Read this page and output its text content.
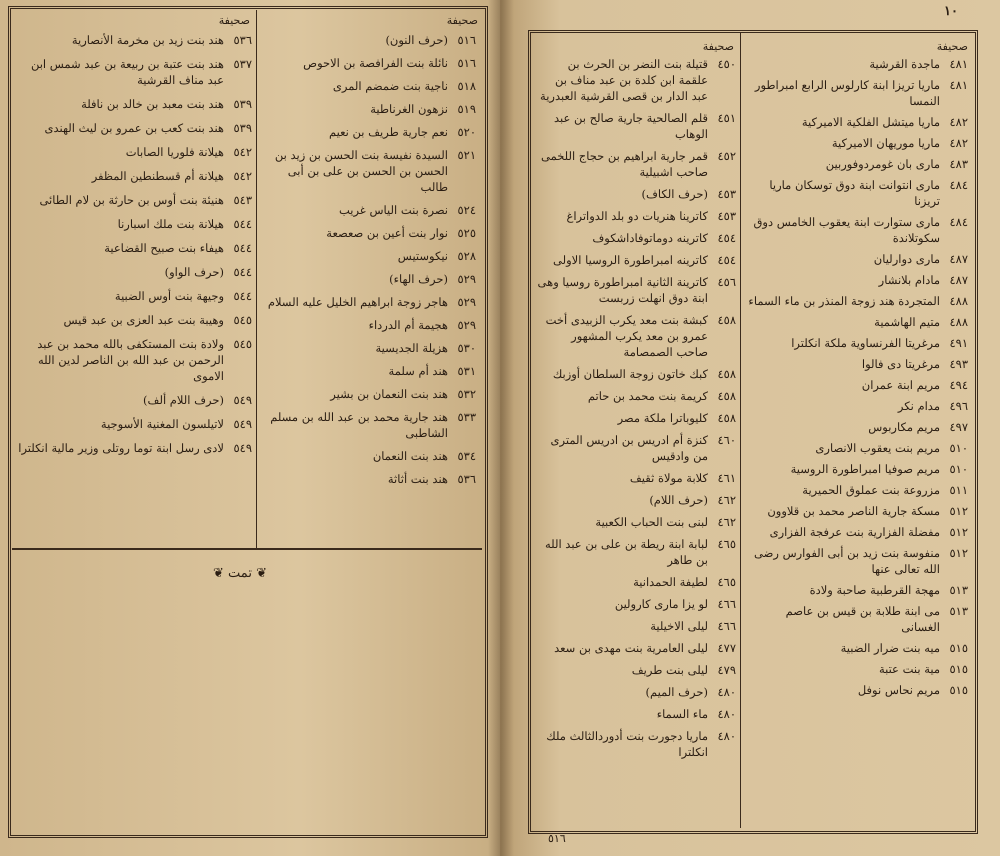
صحيفة	صحيفة
٥٣٦
هند بنت زيد بن مخرمة الأنصارية
٥٣٧
هند بنت عتبة بن ربيعة بن عبد شمس ابن عبد مناف القرشية
٥٣٩
هند بنت معبد بن خالد بن نافلة
٥٣٩
هند بنت كعب بن عمرو بن ليث الهندى
٥٤٢
هيلانة فلوريا الصابات
٥٤٢
هيلانة أم قسطنطين المظفر
٥٤٣
هنيئة بنت أوس بن حارثة بن لام الطائى
٥٤٤
هيلانة بنت ملك اسبارنا
٥٤٤
هيفاء بنت صبيح القضاعية
٥٤٤
(حرف الواو)
٥٤٤
وجيهة بنت أوس الضبية
٥٤٥
وهيبة بنت عبد العزى بن عبد قيس
٥٤٥
ولادة بنت المستكفى بالله محمد بن عبد الرحمن بن عبد الله بن الناصر لدين الله الاموى
٥٤٩
(حرف اللام ألف)
٥٤٩
لاتيلسون المغنية الأسوجية
٥٤٩
لادى رسل ابنة توما روتلى وزير مالية انكلترا
٥١٦
(حرف النون)
٥١٦
نائلة بنت الفرافصة بن الاحوص
٥١٨
ناجية بنت ضمضم المرى
٥١٩
نزهون الغرناطية
٥٢٠
نعم جارية طريف بن نعيم
٥٢١
السيدة نفيسة بنت الحسن بن زيد بن الحسن بن الحسن بن على بن أبى طالب
٥٢٤
نصرة بنت الياس غريب
٥٢٥
نوار بنت أعين بن صعصعة
٥٢٨
نيكوستيس
٥٢٩
(حرف الهاء)
٥٢٩
هاجر زوجة ابراهيم الخليل عليه السلام
٥٢٩
هجيمة أم الدرداء
٥٣٠
هزيلة الجديسية
٥٣١
هند أم سلمة
٥٣٢
هند بنت النعمان بن بشير
٥٣٣
هند جارية محمد بن عبد الله بن مسلم الشاطبى
٥٣٤
هند بنت النعمان
٥٣٦
هند بنت أثاثة
❦ تمت ❦
١٠
صحيفة	صحيفة
٤٥٠
قتيلة بنت النضر بن الحرث بن علقمة ابن كلدة بن عبد مناف بن عبد الدار بن قصى القرشية العبدرية
٤٥١
قلم الصالحية جارية صالح بن عبد الوهاب
٤٥٢
قمر جارية ابراهيم بن حجاج اللخمى صاحب اشبيلية
٤٥٣
(حرف الكاف)
٤٥٣
كاترينا هنريات دو بلد الدواتراغ
٤٥٤
كاترينه دوماتوفاداشكوف
٤٥٤
كاترينه امبراطورة الروسيا الاولى
٤٥٦
كاترينة الثانية امبراطورة روسيا وهى ابنة دوق انهلت زربست
٤٥٨
كبشة بنت معد يكرب الزبيدى أخت عمرو بن معد يكرب المشهور صاحب الصمصامة
٤٥٨
كبك خاتون زوجة السلطان أوزبك
٤٥٨
كريمة بنت محمد بن حاتم
٤٥٨
كليوباترا ملكة مصر
٤٦٠
كنزة أم ادريس بن ادريس المترى من وادقيس
٤٦١
كلابة مولاة ثقيف
٤٦٢
(حرف اللام)
٤٦٢
لبنى بنت الحباب الكعبية
٤٦٥
لبابة ابنة ريطة بن على بن عبد الله بن طاهر
٤٦٥
لطيفة الحمدانية
٤٦٦
لو يزا مارى كارولين
٤٦٦
ليلى الاخيلية
٤٧٧
ليلى العامرية بنت مهدى بن سعد
٤٧٩
ليلى بنت طريف
٤٨٠
(حرف الميم)
٤٨٠
ماء السماء
٤٨٠
ماريا دجورت بنت أدوردالثالث ملك انكلترا
٤٨١
ماجدة القرشية
٤٨١
ماريا تريزا ابنة كارلوس الرابع امبراطور النمسا
٤٨٢
ماريا ميتشل الفلكية الاميركية
٤٨٢
ماريا موريهان الاميركية
٤٨٣
مارى بان غومردوفوربين
٤٨٤
مارى انتوانت ابنة دوق توسكان ماريا تريزنا
٤٨٤
مارى ستوارت ابنة يعقوب الخامس دوق سكوتلاندة
٤٨٧
مارى دوارليان
٤٨٧
مادام بلانشار
٤٨٨
المتجردة هند زوجة المنذر بن ماء السماء
٤٨٨
متيم الهاشمية
٤٩١
مرغريتا الفرنساوية ملكة انكلترا
٤٩٣
مرغريتا دى فالوا
٤٩٤
مريم ابنة عمران
٤٩٦
مدام نكر
٤٩٧
مريم مكاربوس
٥١٠
مريم بنت يعقوب الانصارى
٥١٠
مريم صوفيا امبراطورة الروسية
٥١١
مزروعة بنت عملوق الحميرية
٥١٢
مسكة جارية الناصر محمد بن قلاوون
٥١٢
مفضلة الفزارية بنت عرفجة الفزارى
٥١٢
منفوسة بنت زيد بن أبى الفوارس رضى الله تعالى عنها
٥١٣
مهجة القرطبية صاحبة ولادة
٥١٣
مى ابنة طلابة بن قيس بن عاصم الغسانى
٥١٥
ميه بنت ضرار الضبية
٥١٥
مية بنت عتبة
٥١٥
مريم نحاس نوفل
٥١٦
